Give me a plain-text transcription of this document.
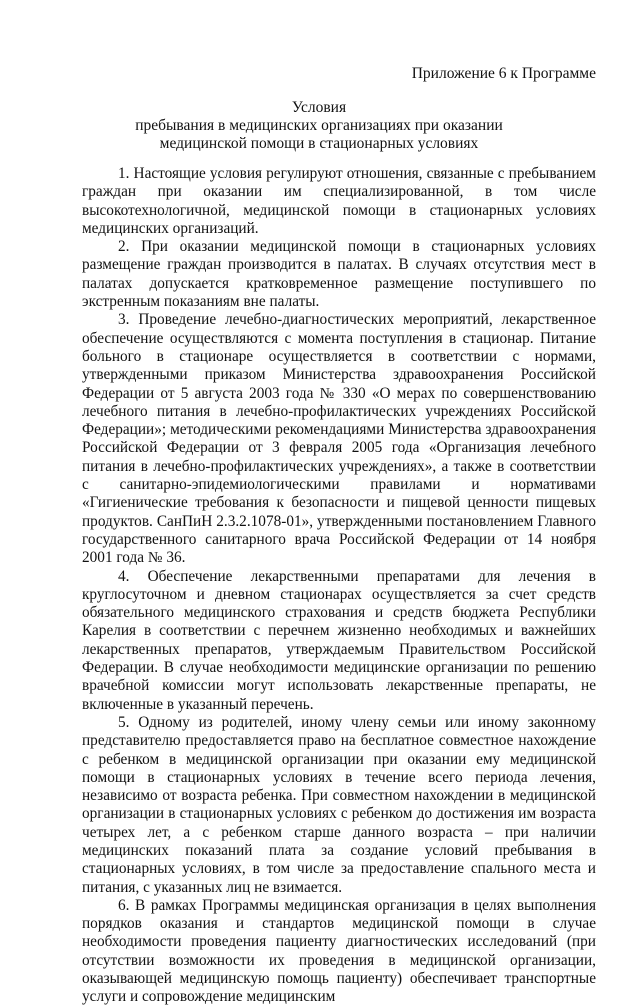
Приложение 6 к Программе
Условия
пребывания в медицинских организациях при оказании
медицинской помощи в стационарных условиях

1. Настоящие условия регулируют отношения, связанные с пребыванием граждан при оказании им специализированной, в том числе высокотехнологичной, медицинской помощи в стационарных условиях медицинских организаций.

2. При оказании медицинской помощи в стационарных условиях размещение граждан производится в палатах. В случаях отсутствия мест в палатах допускается кратковременное размещение поступившего по экстренным показаниям вне палаты.

3. Проведение лечебно-диагностических мероприятий, лекарственное обеспечение осуществляются с момента поступления в стационар. Питание больного в стационаре осуществляется в соответствии с нормами, утвержденными приказом Министерства здравоохранения Российской Федерации от 5 августа 2003 года № 330 «О мерах по совершенствованию лечебного питания в лечебно-профилактических учреждениях Российской Федерации»; методическими рекомендациями Министерства здравоохранения Российской Федерации от 3 февраля 2005 года «Организация лечебного питания в лечебно-профилактических учреждениях», а также в соответствии с санитарно-эпидемиологическими правилами и нормативами «Гигиенические требования к безопасности и пищевой ценности пищевых продуктов. СанПиН 2.3.2.1078-01», утвержденными постановлением Главного государственного санитарного врача Российской Федерации от 14 ноября 2001 года № 36.

4. Обеспечение лекарственными препаратами для лечения в круглосуточном и дневном стационарах осуществляется за счет средств обязательного медицинского страхования и средств бюджета Республики Карелия в соответствии с перечнем жизненно необходимых и важнейших лекарственных препаратов, утверждаемым Правительством Российской Федерации. В случае необходимости медицинские организации по решению врачебной комиссии могут использовать лекарственные препараты, не включенные в указанный перечень.

5. Одному из родителей, иному члену семьи или иному законному представителю предоставляется право на бесплатное совместное нахождение с ребенком в медицинской организации при оказании ему медицинской помощи в стационарных условиях в течение всего периода лечения, независимо от возраста ребенка. При совместном нахождении в медицинской организации в стационарных условиях с ребенком до достижения им возраста четырех лет, а с ребенком старше данного возраста – при наличии медицинских показаний плата за создание условий пребывания в стационарных условиях, в том числе за предоставление спального места и питания, с указанных лиц не взимается.

6. В рамках Программы медицинская организация в целях выполнения порядков оказания и стандартов медицинской помощи в случае необходимости проведения пациенту диагностических исследований (при отсутствии возможности их проведения в медицинской организации, оказывающей медицинскую помощь пациенту) обеспечивает транспортные услуги и сопровождение медицинским
